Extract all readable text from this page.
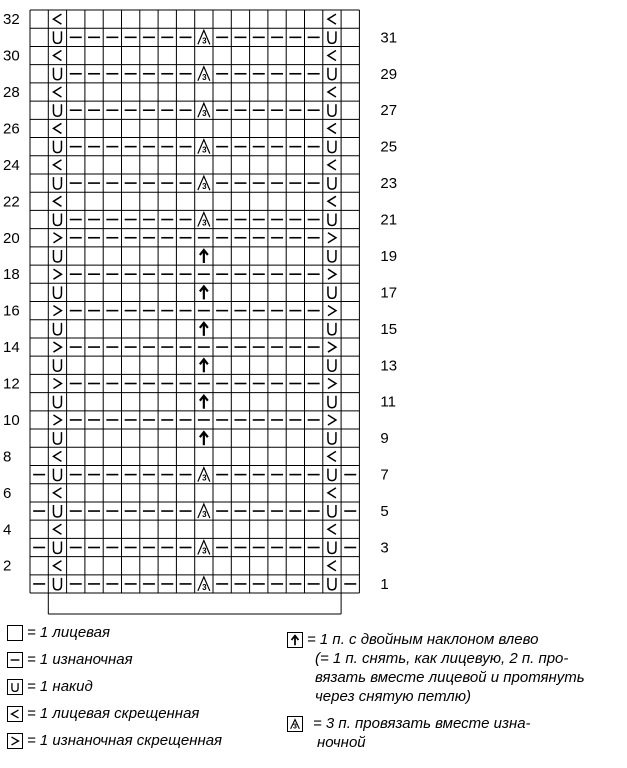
3
3
3
3
3
3
3
3
3
3
2
4
6
8
10
12
14
16
18
20
22
24
26
28
30
32
1
3
5
7
9
11
13
15
17
19
21
23
25
27
29
31
= 1 лицевая
= 1 изнаночная
= 1 накид
= 1 лицевая скрещенная
= 1 изнаночная скрещенная
= 1 п. с двойным наклоном влево
(= 1 п. снять, как лицевую, 2 п. про-
вязать вместе лицевой и протянуть
через снятую петлю)
3 = 3 п. провязать вместе изна-
ночной
